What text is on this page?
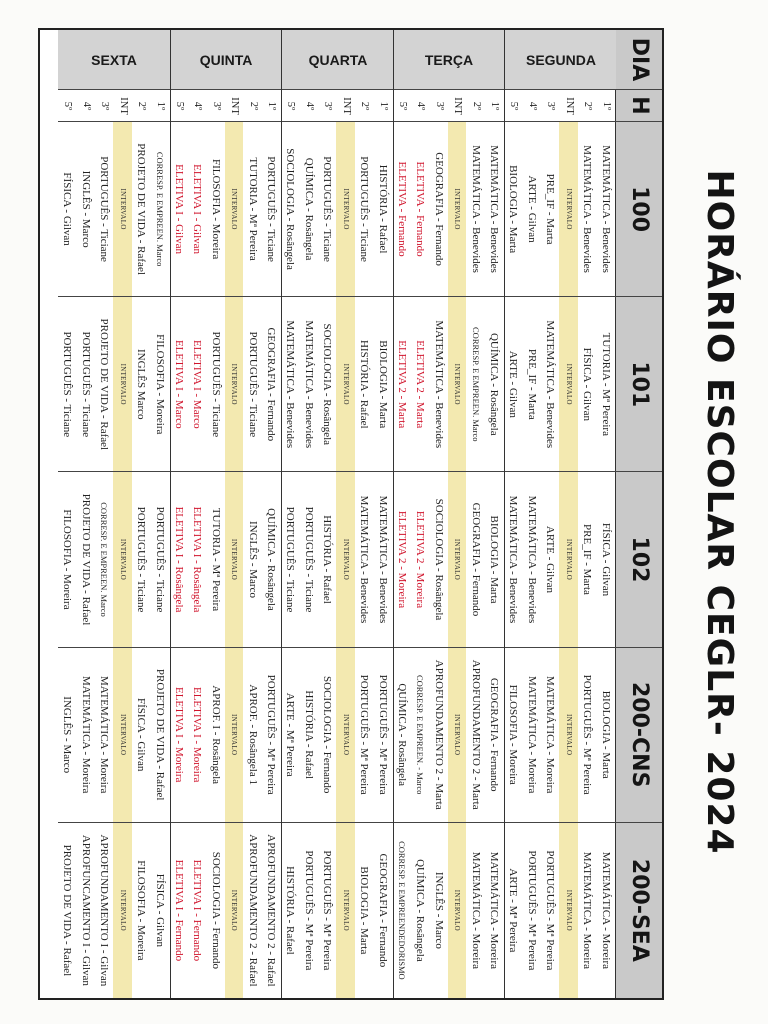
HORÁRIO ESCOLAR CEGLR- 2024
DIA
H
100
101
102
200-CNS
200-SEA
SEGUNDA
1º
2º
INT
3º
4º
5º
MATEMÁTICA - Benevides
MATEMÁTICA - Benevides
INTERVALO
PRE_IF - Marta
ARTE - Gilvan
BIOLOGIA - Marta
TUTORIA - Mª Pereira
FÍSICA - Gilvan
INTERVALO
MATEMÁTICA - Benevides
PRE_IF - Marta
ARTE - Gilvan
FÍSICA - Gilvan
PRE_IF - Marta
INTERVALO
ARTE - Gilvan
MATEMÁTICA - Benevides
MATEMÁTICA - Benevides
BIOLOGIA - Marta
PORTUGUÊS - Mª Pereira
INTERVALO
MATEMÁTICA - Moreira
MATEMÁTICA - Moreira
FILOSOFIA - Moreira
MATEMÁTICA - Moreira
MATEMÁTICA - Moreira
INTERVALO
PORTUGUÊS - Mª Pereira
PORTUGUÊS - Mª Pereira
ARTE - Mª Pereira
TERÇA
1º
2º
INT
3º
4º
5º
MATEMÁTICA - Benevides
MATEMÁTICA - Benevides
INTERVALO
GEOGRAFIA - Fernando
ELETIVA - Fernando
ELETIVA - Fernando
QUÍMICA - Rosângela
CORRESP. E EMPREEN. Marco
INTERVALO
MATEMÁTICA - Benevides
ELETIVA 2 - Marta
ELETIVA 2 - Marta
BIOLOGIA - Marta
GEOGRAFIA - Fernando
INTERVALO
SOCIOLOGIA - Rosângela
ELETIVA 2 - Moreira
ELETIVA 2 - Moreira
GEOGRAFIA - Fernando
APROFUNDAMENTO 2 - Marta
INTERVALO
APROFUNDAMENTO 2 - Marta
CORRESP. E EMPREEN. - Marco
QUÍMICA - Rosângela
MATEMÁTICA - Moreira
MATEMÁTICA - Moreira
INTERVALO
INGLÊS - Marco
QUÍMICA - Rosângela
CORRESP. E EMPREENDEDORISMO
QUARTA
1º
2º
INT
3º
4º
5º
HISTÓRIA - Rafael
PORTUGUÊS - Ticiane
INTERVALO
PORTUGUÊS - Ticiane
QUÍMICA - Rosângela
SOCIOLOGIA - Rosângela
BIOLOGIA - Marta
HISTÓRIA - Rafael
INTERVALO
SOCIOLOGIA - Rosângela
MATEMÁTICA - Benevides
MATEMÁTICA - Benevides
MATEMÁTICA - Benevides
MATEMÁTICA - Benevides
INTERVALO
HISTÓRIA - Rafael
PORTUGUÊS - Ticiane
PORTUGUÊS - Ticiane
PORTUGUÊS - Mª Pereira
PORTUGUÊS - Mª Pereira
INTERVALO
SOCIOLOGIA - Fernando
HISTÓRIA - Rafael
ARTE - Mª Pereira
GEOGRAFIA - Fernando
BIOLOGIA - Marta
INTERVALO
PORTUGUÊS - Mª Pereira
PORTUGUÊS - Mª Pereira
HISTÓRIA - Rafael
QUINTA
1º
2º
INT
3º
4º
5º
PORTUGUÊS - Ticiane
TUTORIA - Mª Pereira
INTERVALO
FILOSOFIA - Moreira
ELETIVA I - Gilvan
ELETIVA I - Gilvan
GEOGRAFIA - Fernando
PORTUGUÊS - Ticiane
INTERVALO
PORTUGUÊS - Ticiane
ELETIVA I - Marco
ELETIVA I - Marco
QUÍMICA - Rosângela
INGLÊS - Marco
INTERVALO
TUTORIA - Mª Pereira
ELETIVA I - Rosângela
ELETIVA I - Rosângela
PORTUGUÊS - Mª Pereira
APROF. - Rosângela 1
INTERVALO
APROF. I - Rosângela
ELETIVA I - Moreira
ELETIVA I - Moreira
APROFUNDAMENTO 2 - Rafael
APROFUNDAMENTO 2 - Rafael
INTERVALO
SOCIOLOGIA - Fernando
ELETIVA I - Fernando
ELETIVA I - Fernando
SEXTA
1º
2º
INT
3º
4º
5º
CORRESP. E EMPREEN. Marco
PROJETO DE VIDA - Rafael
INTERVALO
PORTUGUÊS - Ticiane
INGLÊS - Marco
FÍSICA - Gilvan
FILOSOFIA - Moreira
INGLÊS Marco
INTERVALO
PROJETO DE VIDA - Rafael
PORTUGUÊS - Ticiane
PORTUGUÊS - Ticiane
PORTUGUÊS - Ticiane
PORTUGUÊS - Ticiane
INTERVALO
CORRESP. E EMPREEN. Marco
PROJETO DE VIDA - Rafael
FILOSOFIA - Moreira
PROJETO DE VIDA - Rafael
FÍSICA - Gilvan
INTERVALO
MATEMÁTICA - Moreira
MATEMÁTICA - Moreira
INGLÊS - Marco
FÍSICA - Gilvan
FILOSOFIA - Moreira
INTERVALO
APROFUNDAMENTO I - Gilvan
APROFUNCAMENTO I - Gilvan
PROJETO DE VIDA - Rafael
